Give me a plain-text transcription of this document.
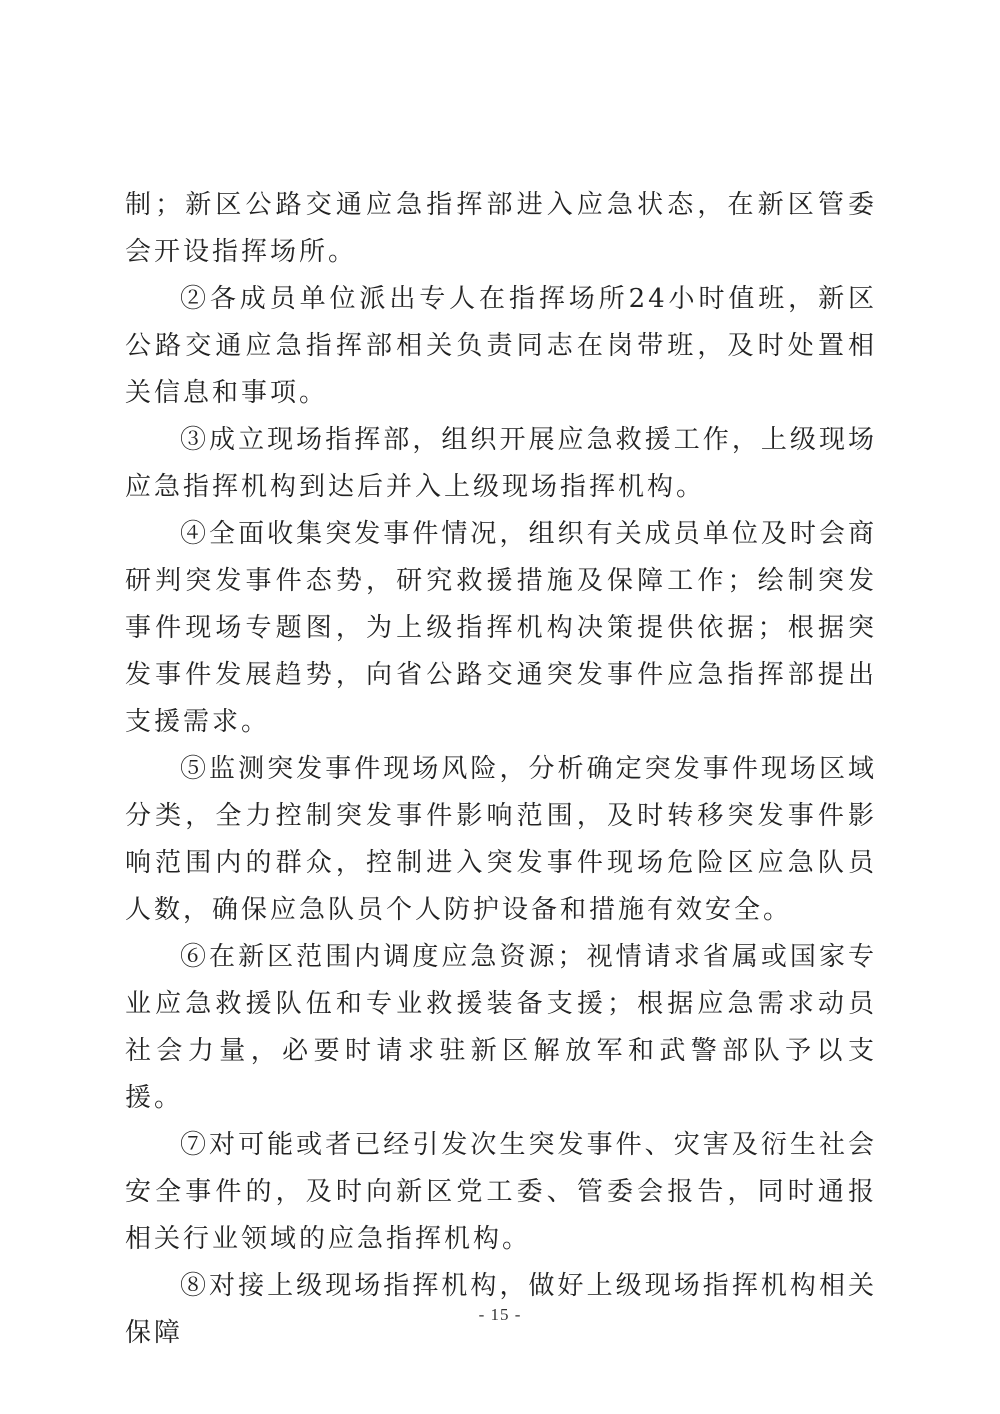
制；新区公路交通应急指挥部进入应急状态，在新区管委会开设指挥场所。

②各成员单位派出专人在指挥场所24小时值班，新区公路交通应急指挥部相关负责同志在岗带班，及时处置相关信息和事项。

③成立现场指挥部，组织开展应急救援工作，上级现场应急指挥机构到达后并入上级现场指挥机构。

④全面收集突发事件情况，组织有关成员单位及时会商研判突发事件态势，研究救援措施及保障工作；绘制突发事件现场专题图，为上级指挥机构决策提供依据；根据突发事件发展趋势，向省公路交通突发事件应急指挥部提出支援需求。

⑤监测突发事件现场风险，分析确定突发事件现场区域分类，全力控制突发事件影响范围，及时转移突发事件影响范围内的群众，控制进入突发事件现场危险区应急队员人数，确保应急队员个人防护设备和措施有效安全。

⑥在新区范围内调度应急资源；视情请求省属或国家专业应急救援队伍和专业救援装备支援；根据应急需求动员社会力量，必要时请求驻新区解放军和武警部队予以支援。

⑦对可能或者已经引发次生突发事件、灾害及衍生社会安全事件的，及时向新区党工委、管委会报告，同时通报相关行业领域的应急指挥机构。

⑧对接上级现场指挥机构，做好上级现场指挥机构相关保障

- 15 -
